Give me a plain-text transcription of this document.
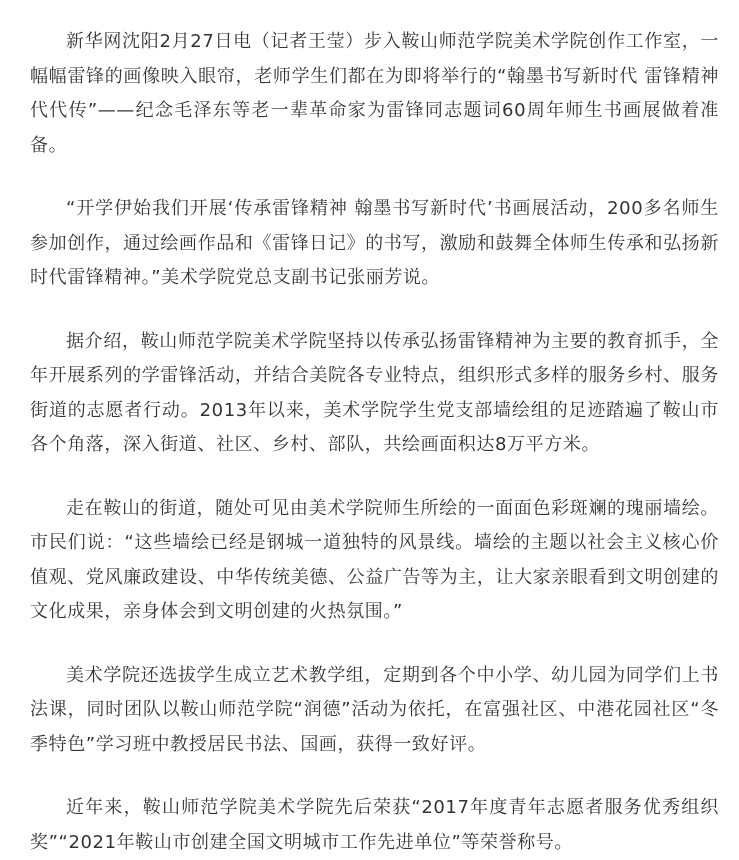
新华网沈阳2月27日电（记者王莹）步入鞍山师范学院美术学院创作工作室，一幅幅雷锋的画像映入眼帘，老师学生们都在为即将举行的“翰墨书写新时代 雷锋精神代代传”——纪念毛泽东等老一辈革命家为雷锋同志题词60周年师生书画展做着准备。

“开学伊始我们开展‘传承雷锋精神 翰墨书写新时代’书画展活动，200多名师生参加创作，通过绘画作品和《雷锋日记》的书写，激励和鼓舞全体师生传承和弘扬新时代雷锋精神。”美术学院党总支副书记张丽芳说。

据介绍，鞍山师范学院美术学院坚持以传承弘扬雷锋精神为主要的教育抓手，全年开展系列的学雷锋活动，并结合美院各专业特点，组织形式多样的服务乡村、服务街道的志愿者行动。2013年以来，美术学院学生党支部墙绘组的足迹踏遍了鞍山市各个角落，深入街道、社区、乡村、部队，共绘画面积达8万平方米。

走在鞍山的街道，随处可见由美术学院师生所绘的一面面色彩斑斓的瑰丽墙绘。市民们说：“这些墙绘已经是钢城一道独特的风景线。墙绘的主题以社会主义核心价值观、党风廉政建设、中华传统美德、公益广告等为主，让大家亲眼看到文明创建的文化成果，亲身体会到文明创建的火热氛围。”

美术学院还选拔学生成立艺术教学组，定期到各个中小学、幼儿园为同学们上书法课，同时团队以鞍山师范学院“润德”活动为依托，在富强社区、中港花园社区“冬季特色”学习班中教授居民书法、国画，获得一致好评。

近年来，鞍山师范学院美术学院先后荣获“2017年度青年志愿者服务优秀组织奖”“2021年鞍山市创建全国文明城市工作先进单位”等荣誉称号。
